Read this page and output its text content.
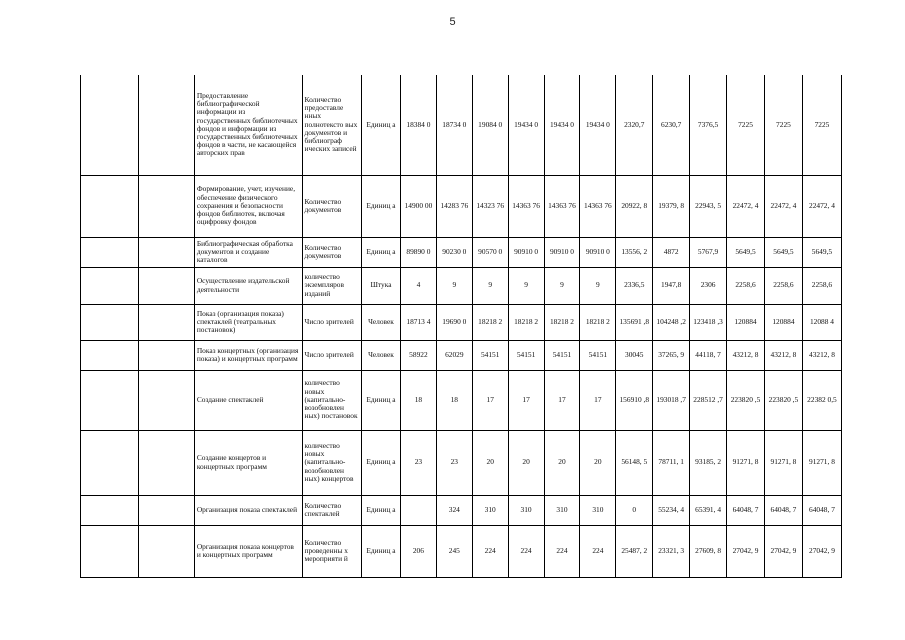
5
		Предоставление библиографической информации из государственных библиотечных фондов и информации из государственных библиотечных фондов в части, не касающейся авторских прав	Количество предоставле нных полнотексто вых документов и библиограф ических записей	Единиц а	18384 0	18734 0	19084 0	19434 0	19434 0	19434 0	2320,7	6230,7	7376,5	7225	7225	7225
		Формирование, учет, изучение, обеспечение физического сохранения и безопасности фондов библиотек, включая оцифровку фондов	Количество документов	Единиц а	14900 00	14283 76	14323 76	14363 76	14363 76	14363 76	20922, 8	19379, 8	22943, 5	22472, 4	22472, 4	22472, 4
		Библиографическая обработка документов и создание каталогов	Количество документов	Единиц а	89890 0	90230 0	90570 0	90910 0	90910 0	90910 0	13556, 2	4872	5767,9	5649,5	5649,5	5649,5
		Осуществление издательской деятельности	количество экземпляров изданий	Штука	4	9	9	9	9	9	2336,5	1947,8	2306	2258,6	2258,6	2258,6
		Показ (организация показа) спектаклей (театральных постановок)	Число зрителей	Человек	18713 4	19690 0	18218 2	18218 2	18218 2	18218 2	135691 ,8	104248 ,2	123418 ,3	120884	120884	12088 4
		Показ концертных (организация показа) и концертных программ	Число зрителей	Человек	58922	62029	54151	54151	54151	54151	30045	37265, 9	44118, 7	43212, 8	43212, 8	43212, 8
		Создание спектаклей	количество новых (капитально-возобновлен ных) постановок	Единиц а	18	18	17	17	17	17	156910 ,8	193018 ,7	228512 ,7	223820 ,5	223820 ,5	22382 0,5
		Создание концертов и концертных программ	количество новых (капитально-возобновлен ных) концертов	Единиц а	23	23	20	20	20	20	56148, 5	78711, 1	93185, 2	91271, 8	91271, 8	91271, 8
		Организация показа спектаклей	Количество спектаклей	Единиц а		324	310	310	310	310	0	55234, 4	65391, 4	64048, 7	64048, 7	64048, 7
		Организация показа концертов и концертных программ	Количество проведенны х мероприяти й	Единиц а	206	245	224	224	224	224	25487, 2	23321, 3	27609, 8	27042, 9	27042, 9	27042, 9
